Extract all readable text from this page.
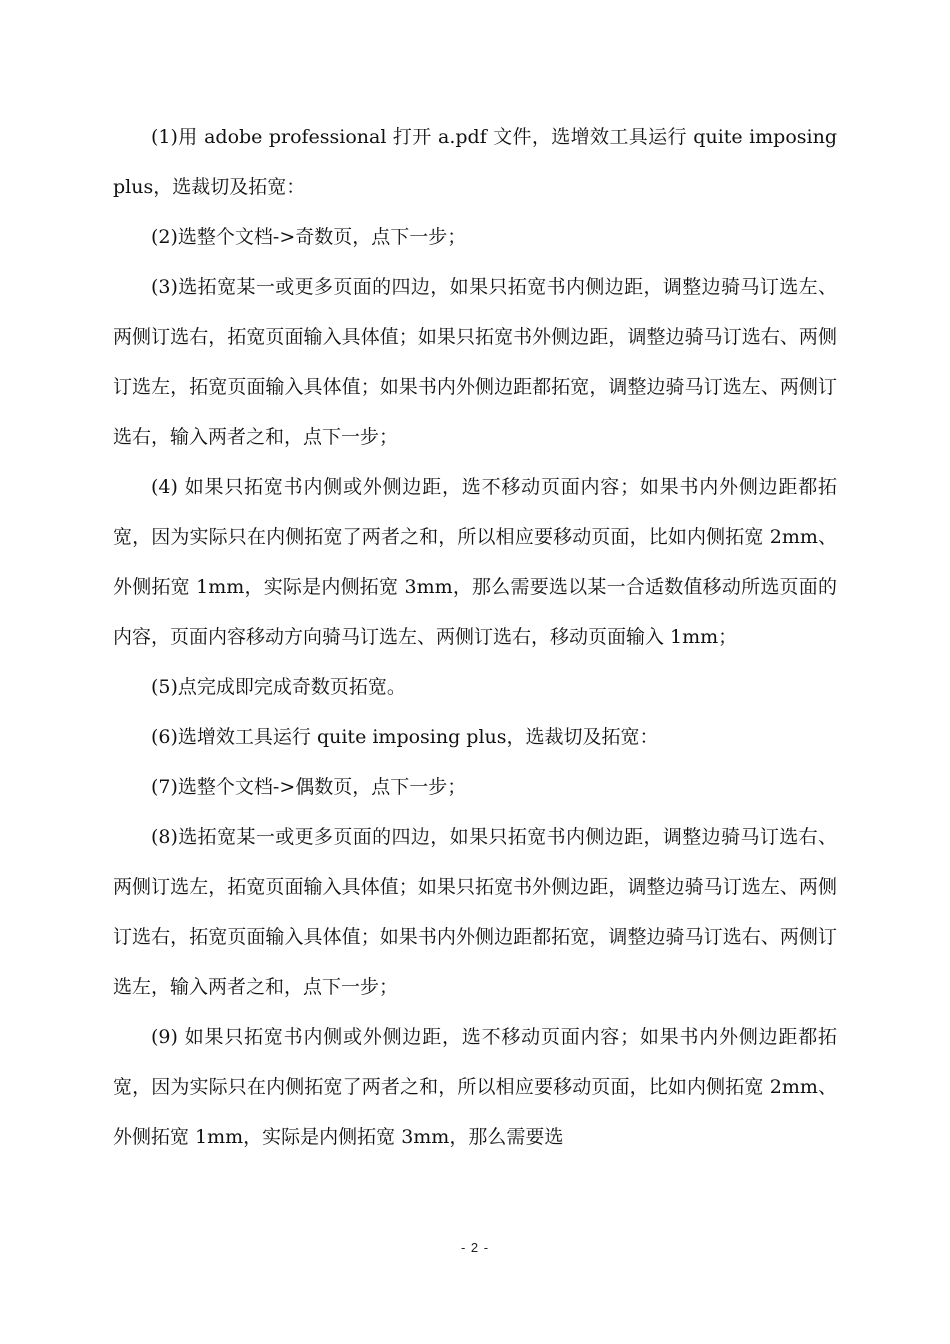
(1)用 adobe professional 打开 a.pdf 文件，选增效工具运行 quite imposing plus，选裁切及拓宽：

(2)选整个文档->奇数页，点下一步；

(3)选拓宽某一或更多页面的四边，如果只拓宽书内侧边距，调整边骑马订选左、两侧订选右，拓宽页面输入具体值；如果只拓宽书外侧边距，调整边骑马订选右、两侧订选左，拓宽页面输入具体值；如果书内外侧边距都拓宽，调整边骑马订选左、两侧订选右，输入两者之和，点下一步；

(4) 如果只拓宽书内侧或外侧边距，选不移动页面内容；如果书内外侧边距都拓宽，因为实际只在内侧拓宽了两者之和，所以相应要移动页面，比如内侧拓宽 2mm、外侧拓宽 1mm，实际是内侧拓宽 3mm，那么需要选以某一合适数值移动所选页面的内容，页面内容移动方向骑马订选左、两侧订选右，移动页面输入 1mm；

(5)点完成即完成奇数页拓宽。

(6)选增效工具运行 quite imposing plus，选裁切及拓宽：

(7)选整个文档->偶数页，点下一步；

(8)选拓宽某一或更多页面的四边，如果只拓宽书内侧边距，调整边骑马订选右、两侧订选左，拓宽页面输入具体值；如果只拓宽书外侧边距，调整边骑马订选左、两侧订选右，拓宽页面输入具体值；如果书内外侧边距都拓宽，调整边骑马订选右、两侧订选左，输入两者之和，点下一步；

(9) 如果只拓宽书内侧或外侧边距，选不移动页面内容；如果书内外侧边距都拓宽，因为实际只在内侧拓宽了两者之和，所以相应要移动页面，比如内侧拓宽 2mm、外侧拓宽 1mm，实际是内侧拓宽 3mm，那么需要选

- 2 -
